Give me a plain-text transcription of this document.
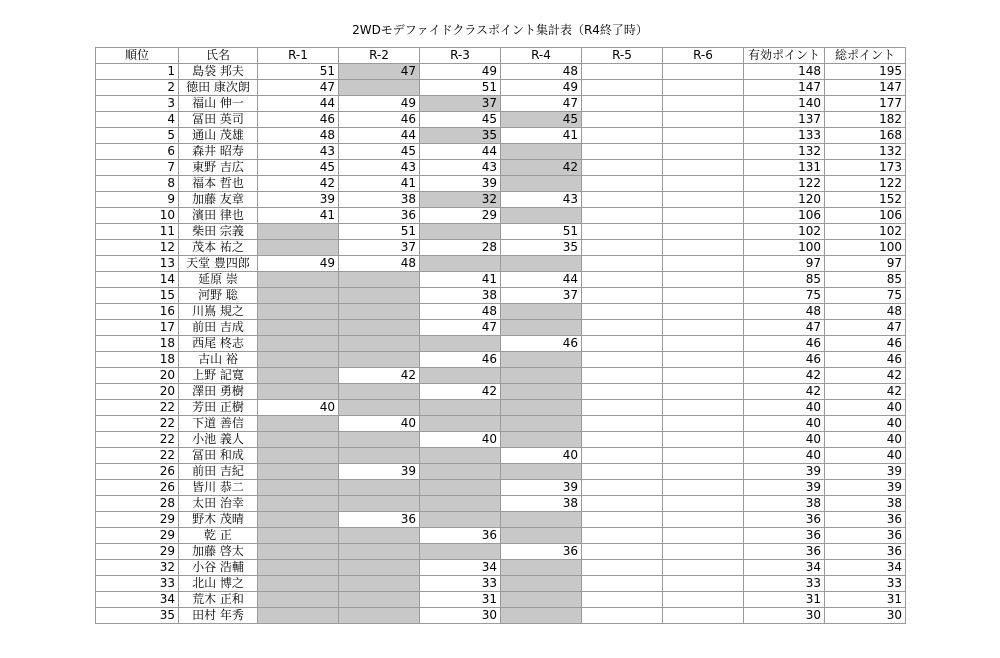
2WDモデファイドクラスポイント集計表（R4終了時）
順位	氏名	R-1	R-2	R-3	R-4	R-5	R-6	有効ポイント	総ポイント
1	島袋 邦夫	51	47	49	48			148	195
2	徳田 康次朗	47		51	49			147	147
3	福山 伸一	44	49	37	47			140	177
4	冨田 英司	46	46	45	45			137	182
5	通山 茂雄	48	44	35	41			133	168
6	森井 昭寿	43	45	44				132	132
7	東野 吉広	45	43	43	42			131	173
8	福本 哲也	42	41	39				122	122
9	加藤 友章	39	38	32	43			120	152
10	濱田 律也	41	36	29				106	106
11	柴田 宗義		51		51			102	102
12	茂本 祐之		37	28	35			100	100
13	天堂 豊四郎	49	48					97	97
14	延原 崇			41	44			85	85
15	河野 聡			38	37			75	75
16	川嶌 規之			48				48	48
17	前田 吉成			47				47	47
18	西尾 柊志				46			46	46
18	古山 裕			46				46	46
20	上野 記寛		42					42	42
20	澤田 勇樹			42				42	42
22	芳田 正樹	40						40	40
22	下道 善信		40					40	40
22	小池 義人			40				40	40
22	冨田 和成				40			40	40
26	前田 吉紀		39					39	39
26	皆川 恭二				39			39	39
28	太田 治幸				38			38	38
29	野木 茂晴		36					36	36
29	乾 正			36				36	36
29	加藤 啓太				36			36	36
32	小谷 浩輔			34				34	34
33	北山 博之			33				33	33
34	荒木 正和			31				31	31
35	田村 年秀			30				30	30
